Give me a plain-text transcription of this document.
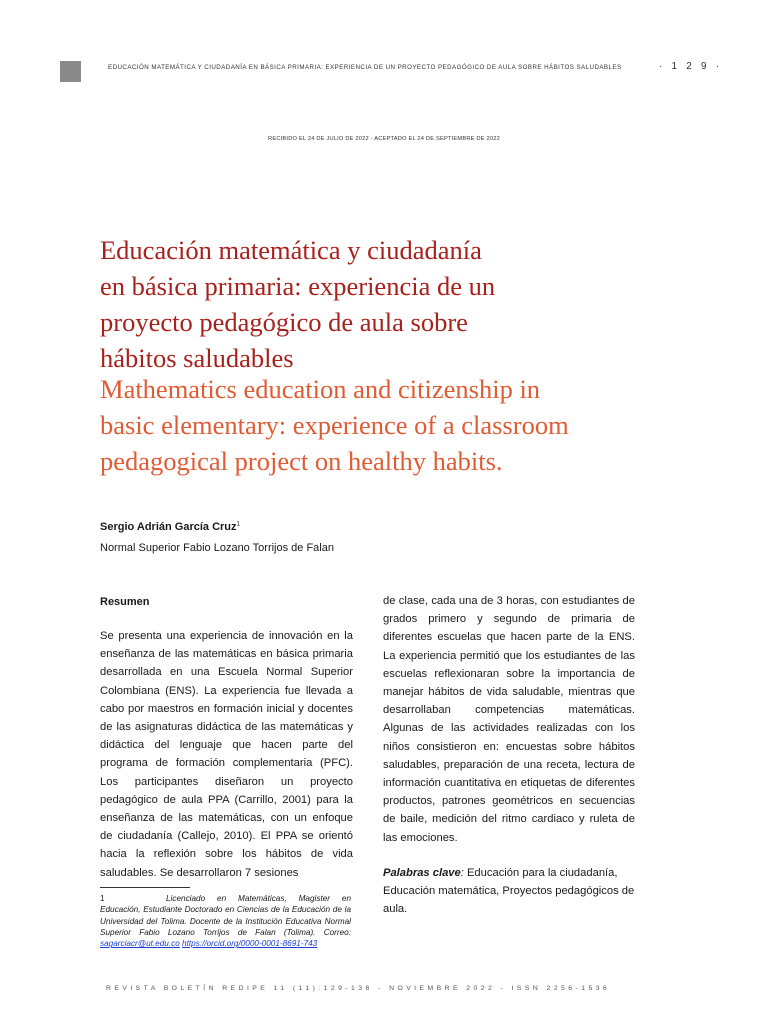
EDUCACIÓN MATEMÁTICA Y CIUDADANÍA EN BÁSICA PRIMARIA: EXPERIENCIA DE UN PROYECTO PEDAGÓGICO DE AULA SOBRE HÁBITOS SALUDABLES	· 1 2 9 ·
RECIBIDO EL 24 DE JULIO DE 2022 - ACEPTADO EL 24 DE SEPTIEMBRE DE 2022
Educación matemática y ciudadanía
en básica primaria: experiencia de un
proyecto pedagógico de aula sobre
hábitos saludables
Mathematics education and citizenship in
basic elementary: experience of a classroom
pedagogical project on healthy habits.
Sergio Adrián García Cruz$^1$
Normal Superior Fabio Lozano Torrijos de Falan
Resumen

Se presenta una experiencia de innovación en la enseñanza de las matemáticas en básica primaria desarrollada en una Escuela Normal Superior Colombiana (ENS). La experiencia fue llevada a cabo por maestros en formación inicial y docentes de las asignaturas didáctica de las matemáticas y didáctica del lenguaje que hacen parte del programa de formación complementaria (PFC). Los participantes diseñaron un proyecto pedagógico de aula PPA (Carrillo, 2001) para la enseñanza de las matemáticas, con un enfoque de ciudadanía (Callejo, 2010). El PPA se orientó hacia la reflexión sobre los hábitos de vida saludables. Se desarrollaron 7 sesiones

de clase, cada una de 3 horas, con estudiantes de grados primero y segundo de primaria de diferentes escuelas que hacen parte de la ENS. La experiencia permitió que los estudiantes de las escuelas reflexionaran sobre la importancia de manejar hábitos de vida saludable, mientras que desarrollaban competencias matemáticas. Algunas de las actividades realizadas con los niños consistieron en: encuestas sobre hábitos saludables, preparación de una receta, lectura de información cuantitativa en etiquetas de diferentes productos, patrones geométricos en secuencias de baile, medición del ritmo cardiaco y ruleta de las emociones.

Palabras clave: Educación para la ciudadanía, Educación matemática, Proyectos pedagógicos de aula.
1	Licenciado en Matemáticas, Magister en Educación, Estudiante Doctorado en Ciencias de la Educación de la Universidad del Tolima. Docente de la Institución Educativa Normal Superior Fabio Lozano Torrijos de Falan (Tolima). Correo: sagarciacr@ut.edu.co https://orcid.org/0000-0001-8691-743
REVISTA BOLETÍN REDIPE 11 (11):129-136 - NOVIEMBRE 2022 - ISSN 2256-1536
